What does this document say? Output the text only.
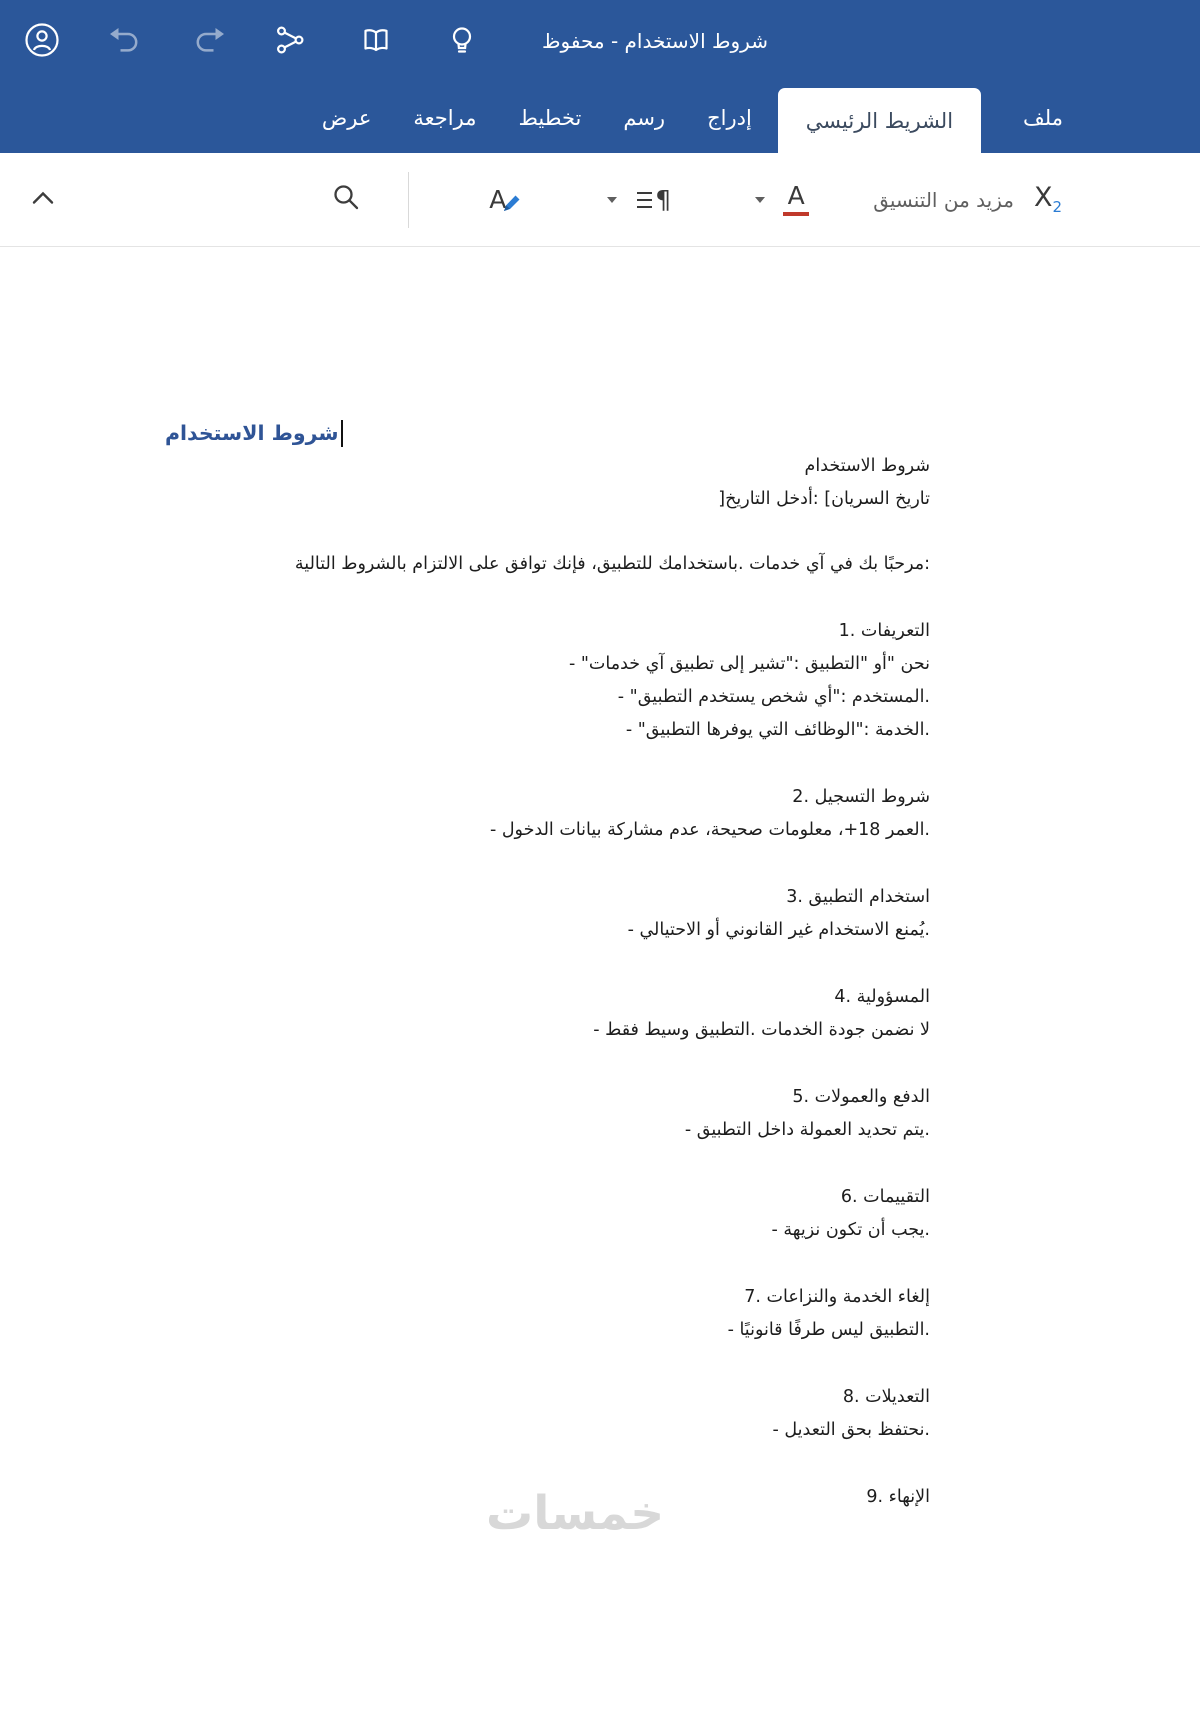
شروط الاستخدام - محفوظ
ملف
الشريط الرئيسي
إدراج
رسم
تخطيط
مراجعة
عرض
$X_2$
مزيد من التنسيق
A
¶
A
شروط الاستخدام

شروط الاستخدام

تاريخ السريان] :أدخل التاريخ[

:مرحبًا بك في آي خدمات .باستخدامك للتطبيق، فإنك توافق على الالتزام بالشروط التالية

التعريفات .1

نحن "أو "التطبيق :"تشير إلى تطبيق آي خدمات" -

.المستخدم :"أي شخص يستخدم التطبيق" -

.الخدمة :"الوظائف التي يوفرها التطبيق" -

شروط التسجيل .2

.العمر 18+، معلومات صحيحة، عدم مشاركة بيانات الدخول -

استخدام التطبيق .3

.يُمنع الاستخدام غير القانوني أو الاحتيالي -

المسؤولية .4

لا نضمن جودة الخدمات .التطبيق وسيط فقط -

الدفع والعمولات .5

.يتم تحديد العمولة داخل التطبيق -

التقييمات .6

.يجب أن تكون نزيهة -

إلغاء الخدمة والنزاعات .7

.التطبيق ليس طرفًا قانونيًا -

التعديلات .8

.نحتفظ بحق التعديل -

الإنهاء .9

خمسات
